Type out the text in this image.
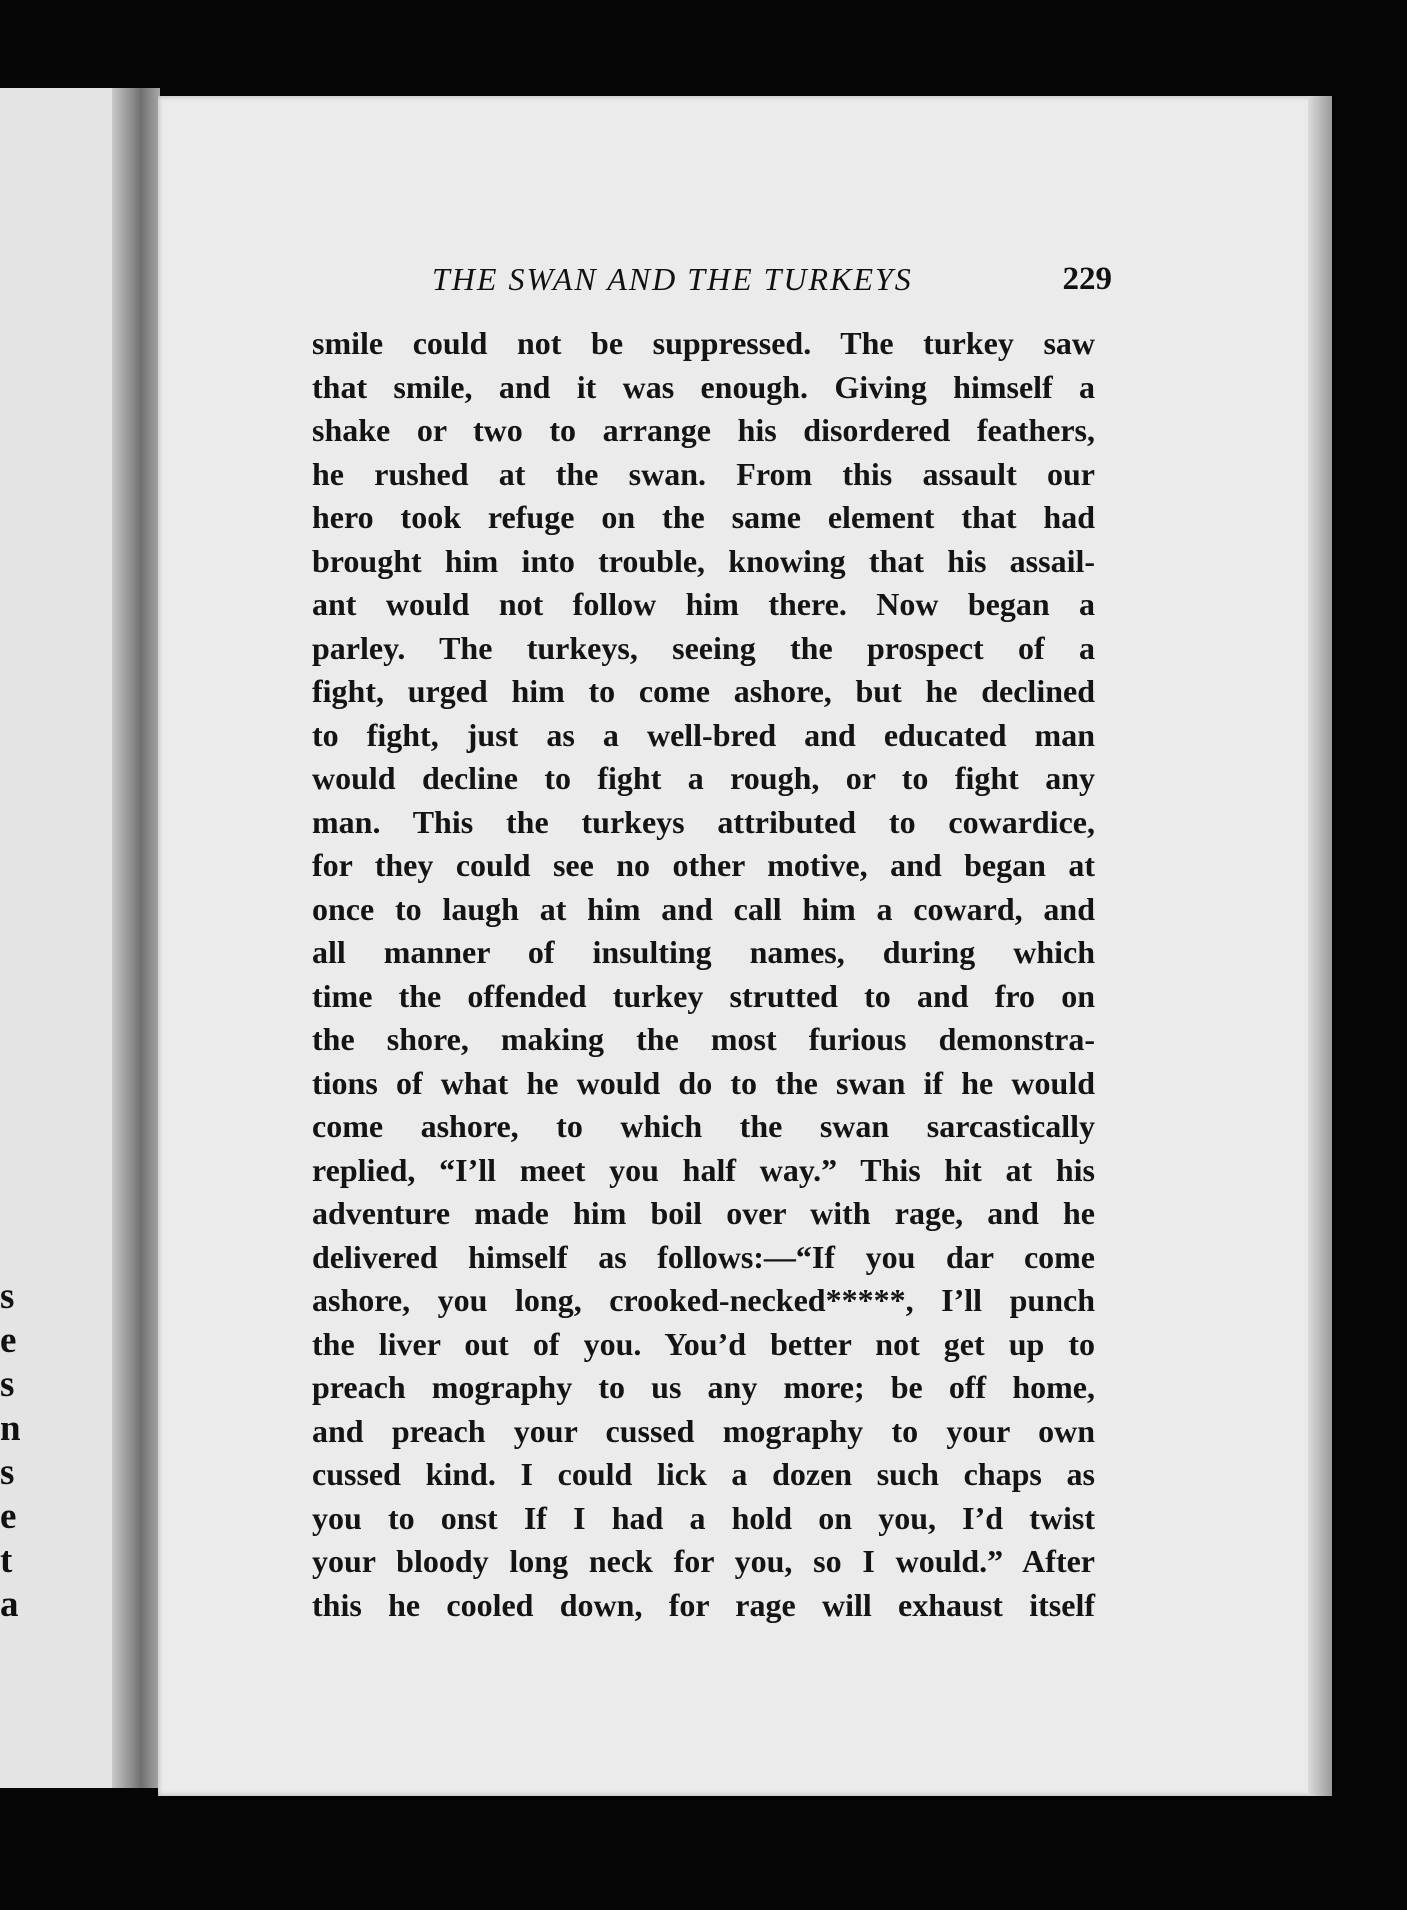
s
e
s
n
s
e
t
a
THE SWAN AND THE TURKEYS	229
smile could not be suppressed. The turkey saw
that smile, and it was enough. Giving himself a
shake or two to arrange his disordered feathers,
he rushed at the swan. From this assault our
hero took refuge on the same element that had
brought him into trouble, knowing that his assail-
ant would not follow him there. Now began a
parley. The turkeys, seeing the prospect of a
fight, urged him to come ashore, but he declined
to fight, just as a well-bred and educated man
would decline to fight a rough, or to fight any
man. This the turkeys attributed to cowardice,
for they could see no other motive, and began at
once to laugh at him and call him a coward, and
all manner of insulting names, during which
time the offended turkey strutted to and fro on
the shore, making the most furious demonstra-
tions of what he would do to the swan if he would
come ashore, to which the swan sarcastically
replied, “I’ll meet you half way.” This hit at his
adventure made him boil over with rage, and he
delivered himself as follows:—“If you dar come
ashore, you long, crooked-necked*****, I’ll punch
the liver out of you. You’d better not get up to
preach mography to us any more; be off home,
and preach your cussed mography to your own
cussed kind. I could lick a dozen such chaps as
you to onst If I had a hold on you, I’d twist
your bloody long neck for you, so I would.” After
this he cooled down, for rage will exhaust itself
